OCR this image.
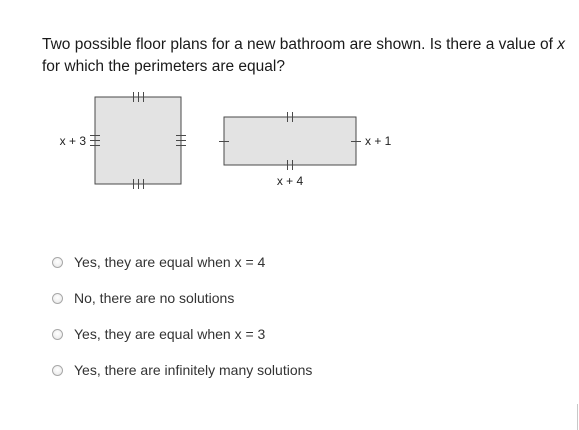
Two possible floor plans for a new bathroom are shown. Is there a value of x for which the perimeters are equal?
x + 3	x + 1
x + 4
Yes, they are equal when x = 4
No, there are no solutions
Yes, they are equal when x = 3
Yes, there are infinitely many solutions
